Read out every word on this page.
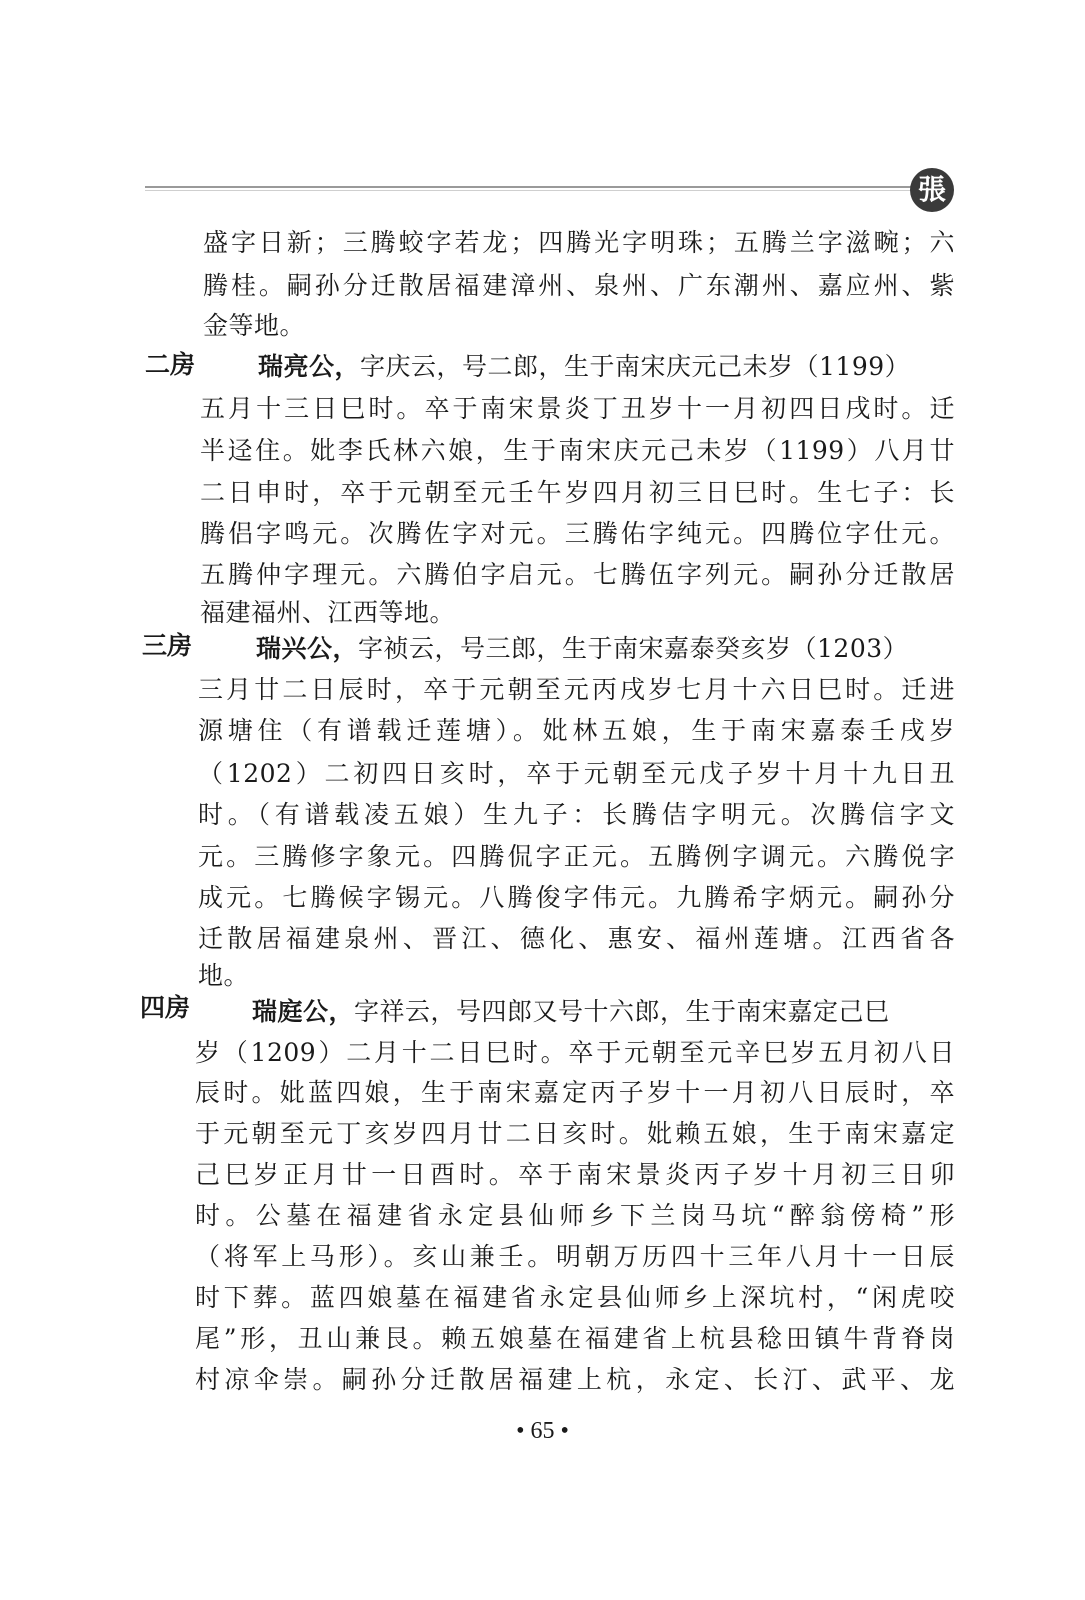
張
盛字日新；三腾蛟字若龙；四腾光字明珠；五腾兰字滋畹；六
腾桂。嗣孙分迁散居福建漳州、泉州、广东潮州、嘉应州、紫
金等地。
二房	瑞亮公，字庆云，号二郎，生于南宋庆元己未岁（1199）
五月十三日巳时。卒于南宋景炎丁丑岁十一月初四日戌时。迁
半迳住。妣李氏林六娘，生于南宋庆元己未岁（1199）八月廿
二日申时，卒于元朝至元壬午岁四月初三日巳时。生七子：长
腾侣字鸣元。次腾佐字对元。三腾佑字纯元。四腾位字仕元。
五腾仲字理元。六腾伯字启元。七腾伍字列元。嗣孙分迁散居
福建福州、江西等地。
三房	瑞兴公，字祯云，号三郎，生于南宋嘉泰癸亥岁（1203）
三月廿二日辰时，卒于元朝至元丙戌岁七月十六日巳时。迁进
源塘住（有谱载迁莲塘）。妣林五娘，生于南宋嘉泰壬戌岁
（1202）二初四日亥时，卒于元朝至元戊子岁十月十九日丑
时。（有谱载凌五娘）生九子：长腾佶字明元。次腾信字文
元。三腾修字象元。四腾侃字正元。五腾例字调元。六腾侻字
成元。七腾候字锡元。八腾俊字伟元。九腾希字炳元。嗣孙分
迁散居福建泉州、晋江、德化、惠安、福州莲塘。江西省各
地。
四房 瑞庭公，字祥云，号四郎又号十六郎，生于南宋嘉定己巳
岁（1209）二月十二日巳时。卒于元朝至元辛巳岁五月初八日
辰时。妣蓝四娘，生于南宋嘉定丙子岁十一月初八日辰时，卒
于元朝至元丁亥岁四月廿二日亥时。妣赖五娘，生于南宋嘉定
己巳岁正月廿一日酉时。卒于南宋景炎丙子岁十月初三日卯
时。公墓在福建省永定县仙师乡下兰岗马坑“醉翁傍椅”形
（将军上马形）。亥山兼壬。明朝万历四十三年八月十一日辰
时下葬。蓝四娘墓在福建省永定县仙师乡上深坑村，“闲虎咬
尾”形，丑山兼艮。赖五娘墓在福建省上杭县稔田镇牛背脊岗
村凉伞崇。嗣孙分迁散居福建上杭，永定、长汀、武平、龙
• 65 •
